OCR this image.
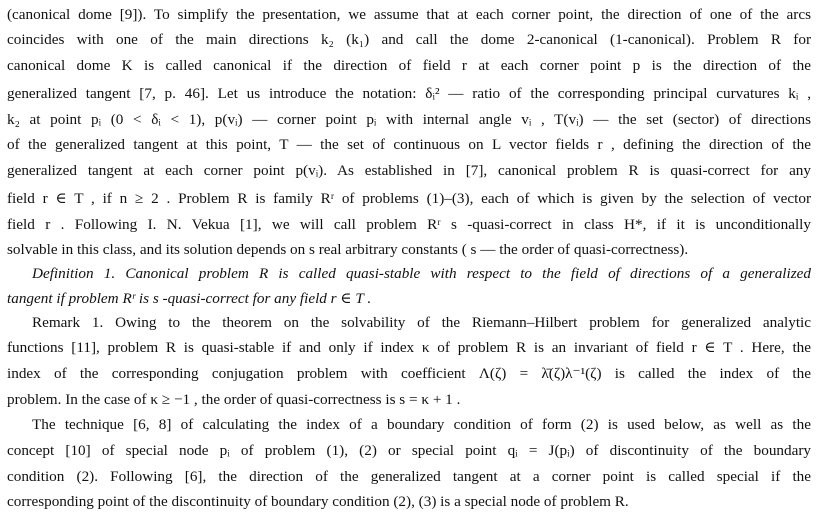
(canonical dome [9]). To simplify the presentation, we assume that at each corner point, the direction of one of the arcs
coincides with one of the main directions k₂ (k₁) and call the dome 2-canonical (1-canonical). Problem R for
canonical dome K is called canonical if the direction of field r at each corner point p is the direction of the
generalized tangent [7, p. 46]. Let us introduce the notation: δᵢ² — ratio of the corresponding principal curvatures kᵢ ,
k₂ at point pᵢ (0 < δᵢ < 1), p(vᵢ) — corner point pᵢ with internal angle vᵢ , T(vᵢ) — the set (sector) of directions
of the generalized tangent at this point, T — the set of continuous on L vector fields r , defining the direction of the
generalized tangent at each corner point p(vᵢ). As established in [7], canonical problem R is quasi-correct for any
field r ∈ T , if n ≥ 2 . Problem R is family Rʳ of problems (1)–(3), each of which is given by the selection of vector
field r . Following I. N. Vekua [1], we will call problem Rʳ s -quasi-correct in class H*, if it is unconditionally
solvable in this class, and its solution depends on s real arbitrary constants ( s — the order of quasi-correctness).
Definition 1. Canonical problem R is called quasi-stable with respect to the field of directions of a generalized
tangent if problem Rʳ is s -quasi-correct for any field r ∈ T .
Remark 1. Owing to the theorem on the solvability of the Riemann–Hilbert problem for generalized analytic
functions [11], problem R is quasi-stable if and only if index κ of problem R is an invariant of field r ∈ T . Here, the
index of the corresponding conjugation problem with coefficient Λ(ζ) = λ̄(ζ)λ⁻¹(ζ) is called the index of the
problem. In the case of κ ≥ −1 , the order of quasi-correctness is s = κ + 1 .
The technique [6, 8] of calculating the index of a boundary condition of form (2) is used below, as well as the
concept [10] of special node pᵢ of problem (1), (2) or special point qᵢ = J(pᵢ) of discontinuity of the boundary
condition (2). Following [6], the direction of the generalized tangent at a corner point is called special if the
corresponding point of the discontinuity of boundary condition (2), (3) is a special node of problem R.
